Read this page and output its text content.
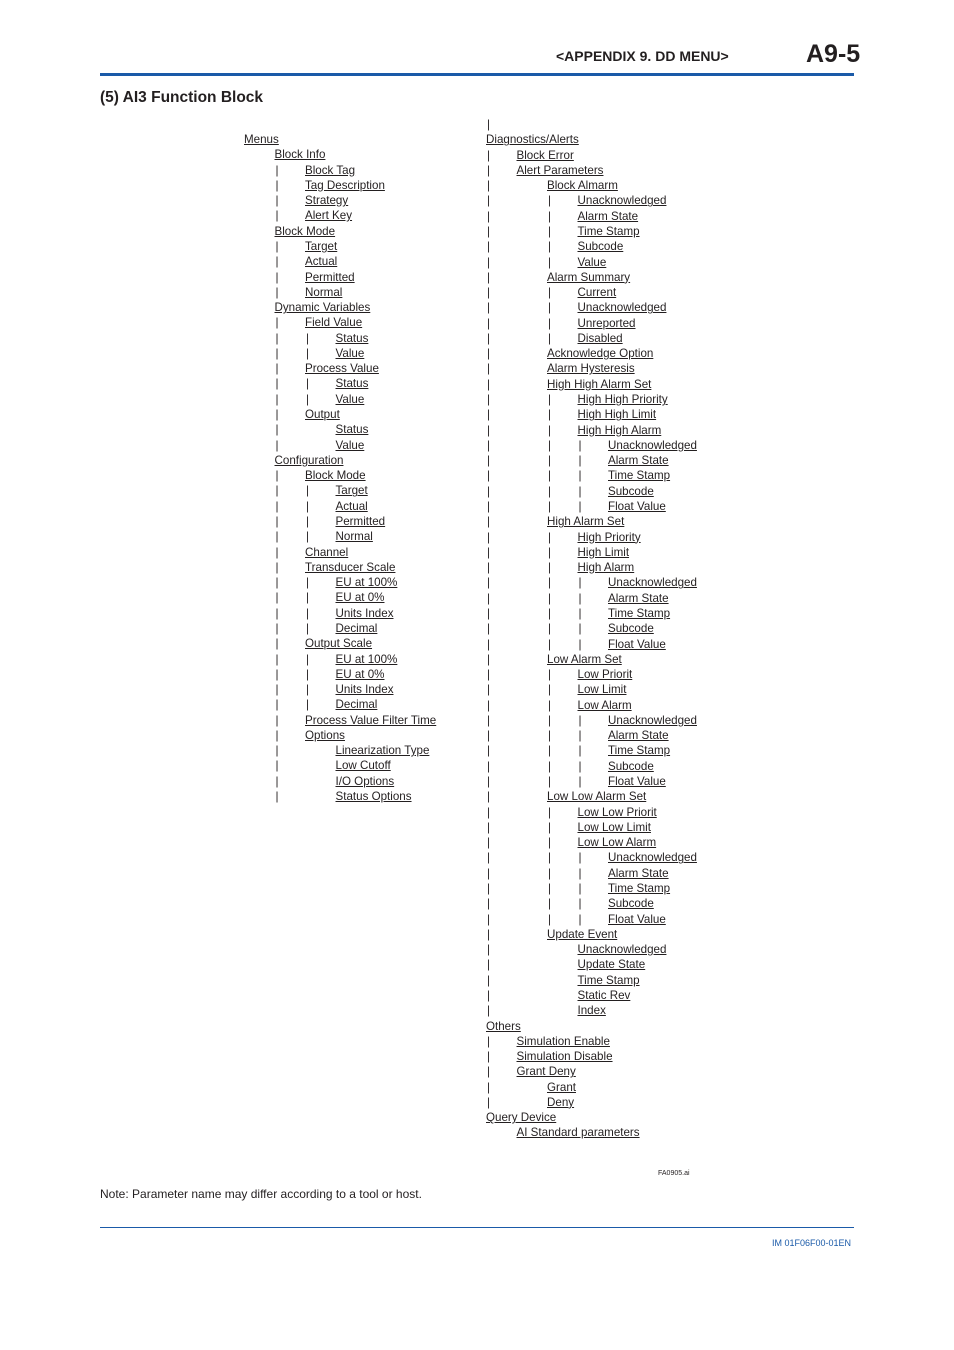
<APPENDIX 9. DD MENU>	A9-5
(5) AI3 Function Block
Menus
Block Info
| Block Tag
| Tag Description
| Strategy
| Alert Key
Block Mode
| Target
| Actual
| Permitted
| Normal
Dynamic Variables
| Field Value
| | Status
| | Value
| Process Value
| | Status
| | Value
| Output
|	Status
|	Value
Configuration
| Block Mode
| | Target
| | Actual
| | Permitted
| | Normal
| Channel
| Transducer Scale
| | EU at 100%
| | EU at 0%
| | Units Index
| | Decimal
| Output Scale
| | EU at 100%
| | EU at 0%
| | Units Index
| | Decimal
| Process Value Filter Time
| Options
|	Linearization Type
|	Low Cutoff
|	I/O Options
|	Status Options
|
Diagnostics/Alerts
| Block Error
| Alert Parameters
|	Block Almarm
|	| Unacknowledged
|	| Alarm State
|	| Time Stamp
|	| Subcode
|	| Value
|	Alarm Summary
|	| Current
|	| Unacknowledged
|	| Unreported
|	| Disabled
|	Acknowledge Option
|	Alarm Hysteresis
|	High High Alarm Set
|	| High High Priority
|	| High High Limit
|	| High High Alarm
|	| | Unacknowledged
|	| | Alarm State
|	| | Time Stamp
|	| | Subcode
|	| | Float Value
|	High Alarm Set
|	| High Priority
|	| High Limit
|	| High Alarm
|	| | Unacknowledged
|	| | Alarm State
|	| | Time Stamp
|	| | Subcode
|	| | Float Value
|	Low Alarm Set
|	| Low Priorit
|	| Low Limit
|	| Low Alarm
|	| | Unacknowledged
|	| | Alarm State
|	| | Time Stamp
|	| | Subcode
|	| | Float Value
|	Low Low Alarm Set
|	| Low Low Priorit
|	| Low Low Limit
|	| Low Low Alarm
|	| | Unacknowledged
|	| | Alarm State
|	| | Time Stamp
|	| | Subcode
|	| | Float Value
|	Update Event
|	Unacknowledged
|	Update State
|	Time Stamp
|	Static Rev
|	Index
Others
| Simulation Enable
| Simulation Disable
| Grant Deny
|	Grant
|	Deny
Query Device
AI Standard parameters
FA0905.ai
Note: Parameter name may differ according to a tool or host.
IM 01F06F00-01EN
